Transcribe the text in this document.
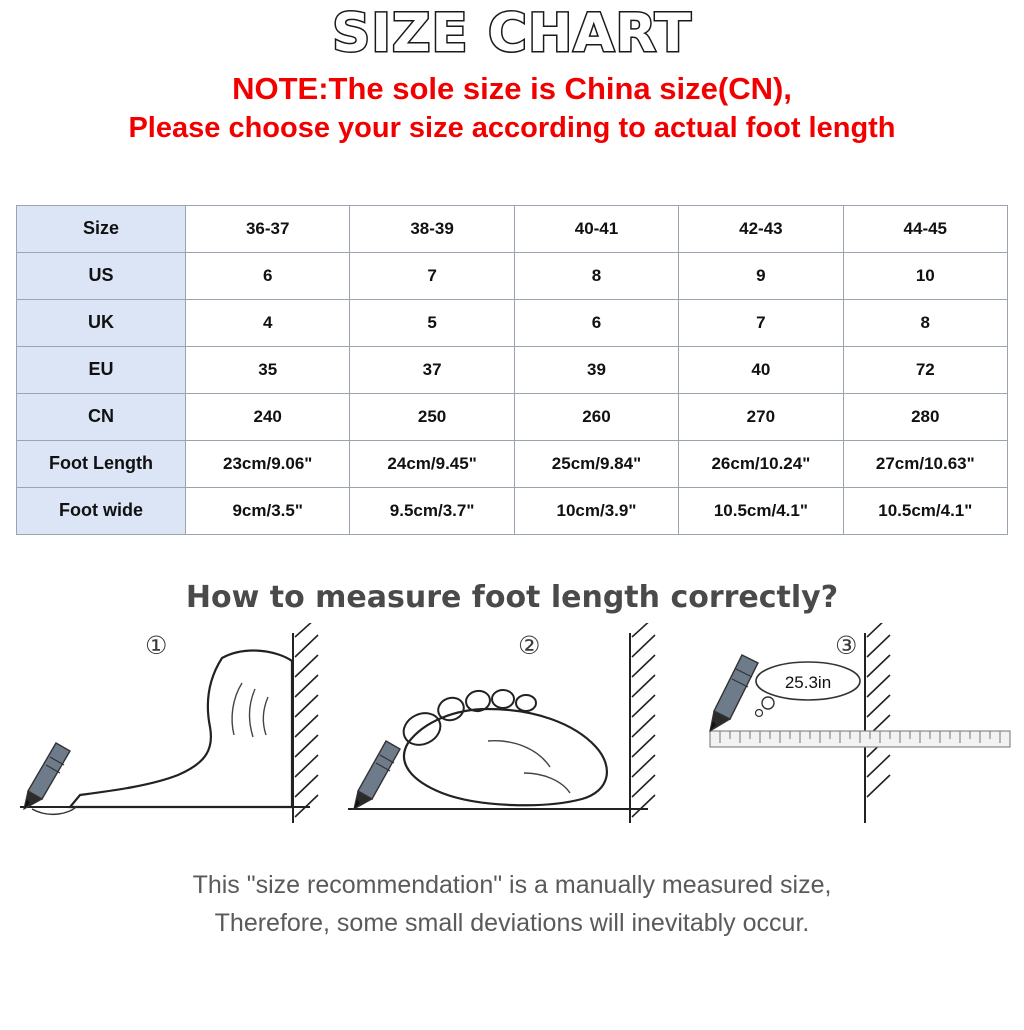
SIZE CHART
NOTE:The sole size is China size(CN),
Please choose your size according to actual foot length
Size	36-37	38-39	40-41	42-43	44-45
US	6	7	8	9	10
UK	4	5	6	7	8
EU	35	37	39	40	72
CN	240	250	260	270	280
Foot Length	23cm/9.06"	24cm/9.45"	25cm/9.84"	26cm/10.24"	27cm/10.63"
Foot wide	9cm/3.5"	9.5cm/3.7"	10cm/3.9"	10.5cm/4.1"	10.5cm/4.1"
How to measure foot length correctly?
①	②	③
25.3in
This "size recommendation" is a manually measured size,
Therefore, some small deviations will inevitably occur.
